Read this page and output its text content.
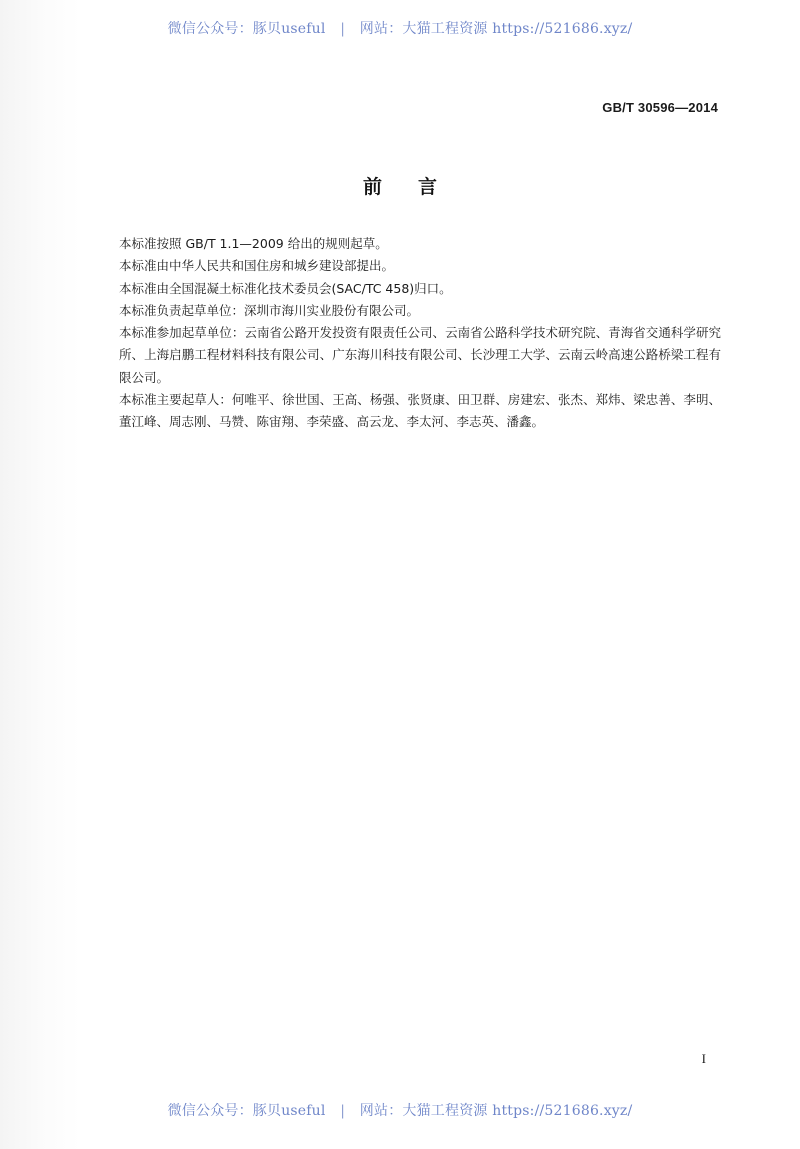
微信公众号：豚贝useful | 网站：大猫工程资源 https://521686.xyz/
GB/T 30596—2014
前言

本标准按照 GB/T 1.1—2009 给出的规则起草。

本标准由中华人民共和国住房和城乡建设部提出。

本标准由全国混凝土标准化技术委员会(SAC/TC 458)归口。

本标准负责起草单位：深圳市海川实业股份有限公司。

本标准参加起草单位：云南省公路开发投资有限责任公司、云南省公路科学技术研究院、青海省交通科学研究所、上海启鹏工程材料科技有限公司、广东海川科技有限公司、长沙理工大学、云南云岭高速公路桥梁工程有限公司。

本标准主要起草人：何唯平、徐世国、王高、杨强、张贤康、田卫群、房建宏、张杰、郑炜、梁忠善、李明、董江峰、周志刚、马赞、陈宙翔、李荣盛、高云龙、李太河、李志英、潘鑫。

I
微信公众号：豚贝useful | 网站：大猫工程资源 https://521686.xyz/
